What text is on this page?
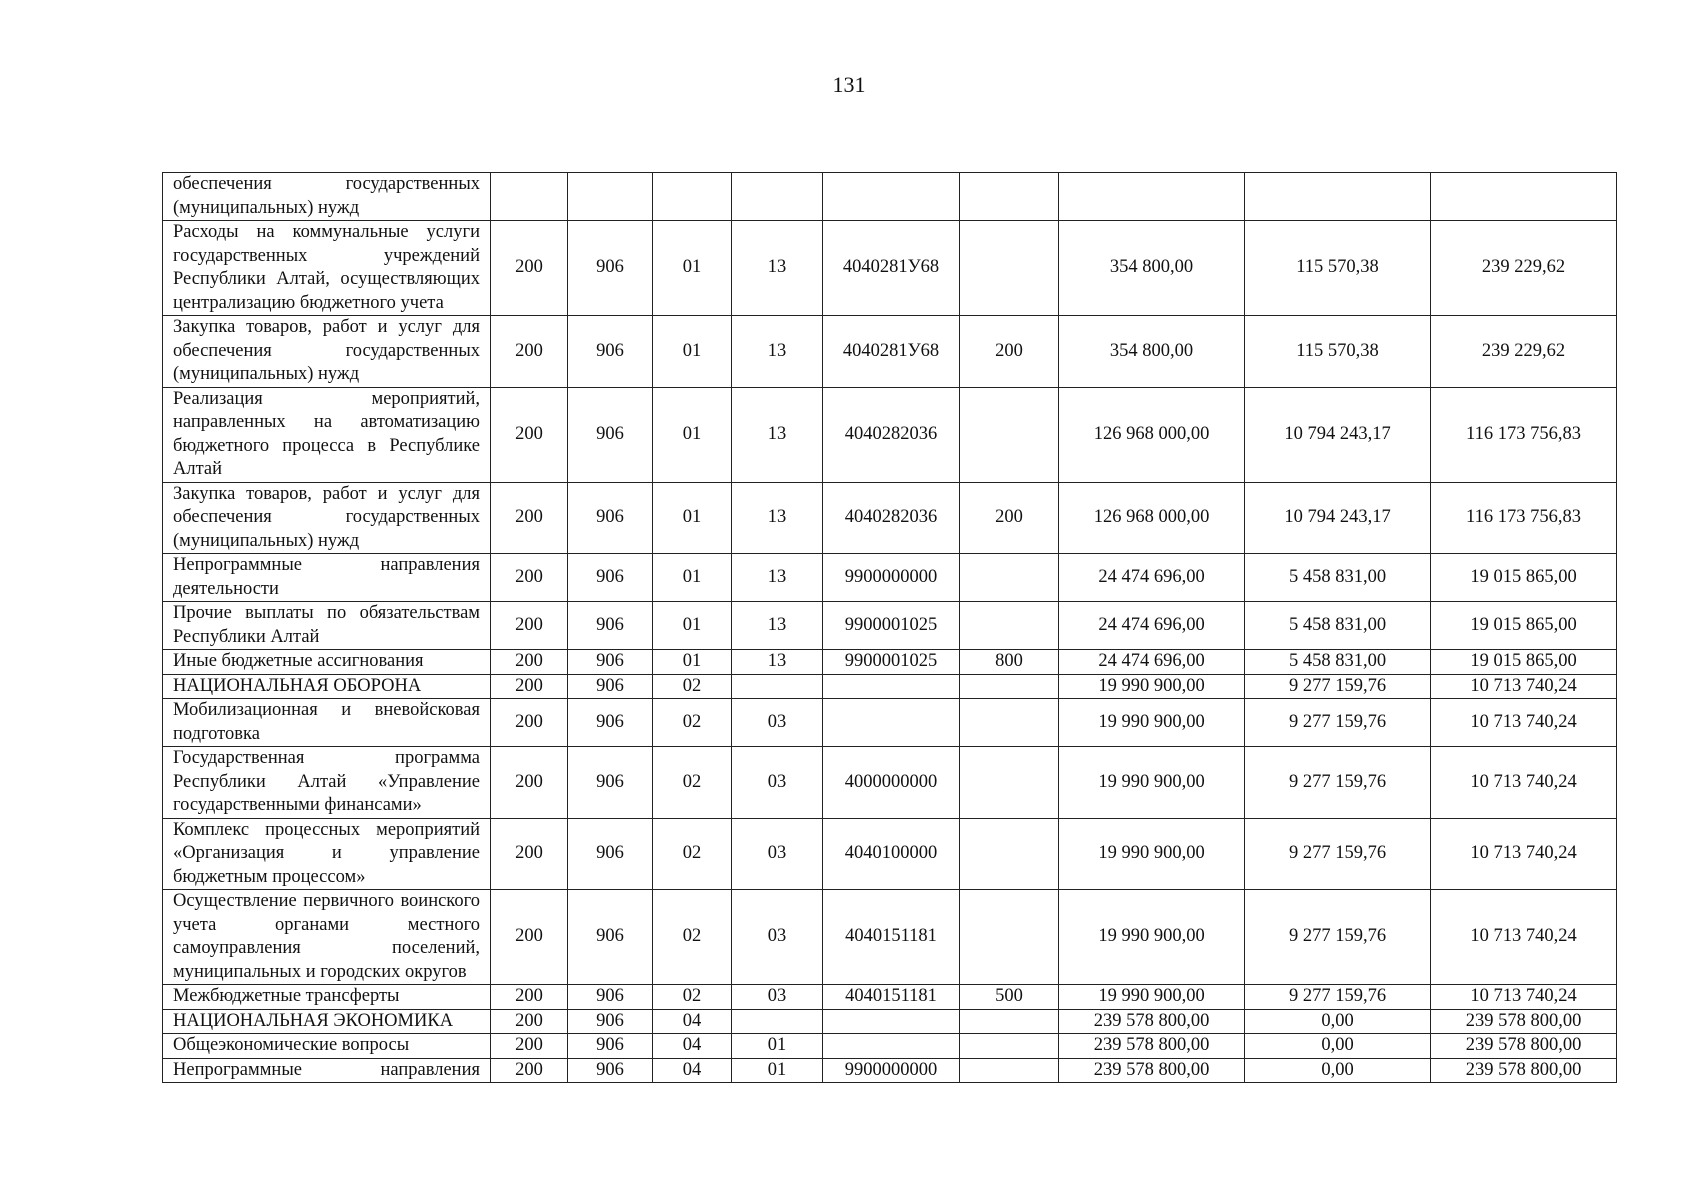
131
обеспечения государственных (муниципальных) нужд									
Расходы на коммунальные услуги государственных учреждений Республики Алтай, осуществляющих централизацию бюджетного учета	200	906	01	13	4040281У68		354 800,00	115 570,38	239 229,62
Закупка товаров, работ и услуг для обеспечения государственных (муниципальных) нужд	200	906	01	13	4040281У68	200	354 800,00	115 570,38	239 229,62
Реализация мероприятий, направленных на автоматизацию бюджетного процесса в Республике Алтай	200	906	01	13	4040282036		126 968 000,00	10 794 243,17	116 173 756,83
Закупка товаров, работ и услуг для обеспечения государственных (муниципальных) нужд	200	906	01	13	4040282036	200	126 968 000,00	10 794 243,17	116 173 756,83
Непрограммные направления деятельности	200	906	01	13	9900000000		24 474 696,00	5 458 831,00	19 015 865,00
Прочие выплаты по обязательствам Республики Алтай	200	906	01	13	9900001025		24 474 696,00	5 458 831,00	19 015 865,00
Иные бюджетные ассигнования	200	906	01	13	9900001025	800	24 474 696,00	5 458 831,00	19 015 865,00
НАЦИОНАЛЬНАЯ ОБОРОНА	200	906	02				19 990 900,00	9 277 159,76	10 713 740,24
Мобилизационная и вневойсковая подготовка	200	906	02	03			19 990 900,00	9 277 159,76	10 713 740,24
Государственная программа Республики Алтай «Управление государственными финансами»	200	906	02	03	4000000000		19 990 900,00	9 277 159,76	10 713 740,24
Комплекс процессных мероприятий «Организация и управление бюджетным процессом»	200	906	02	03	4040100000		19 990 900,00	9 277 159,76	10 713 740,24
Осуществление первичного воинского учета органами местного самоуправления поселений, муниципальных и городских округов	200	906	02	03	4040151181		19 990 900,00	9 277 159,76	10 713 740,24
Межбюджетные трансферты	200	906	02	03	4040151181	500	19 990 900,00	9 277 159,76	10 713 740,24
НАЦИОНАЛЬНАЯ ЭКОНОМИКА	200	906	04				239 578 800,00	0,00	239 578 800,00
Общеэкономические вопросы	200	906	04	01			239 578 800,00	0,00	239 578 800,00
Непрограммные направления	200	906	04	01	9900000000		239 578 800,00	0,00	239 578 800,00
